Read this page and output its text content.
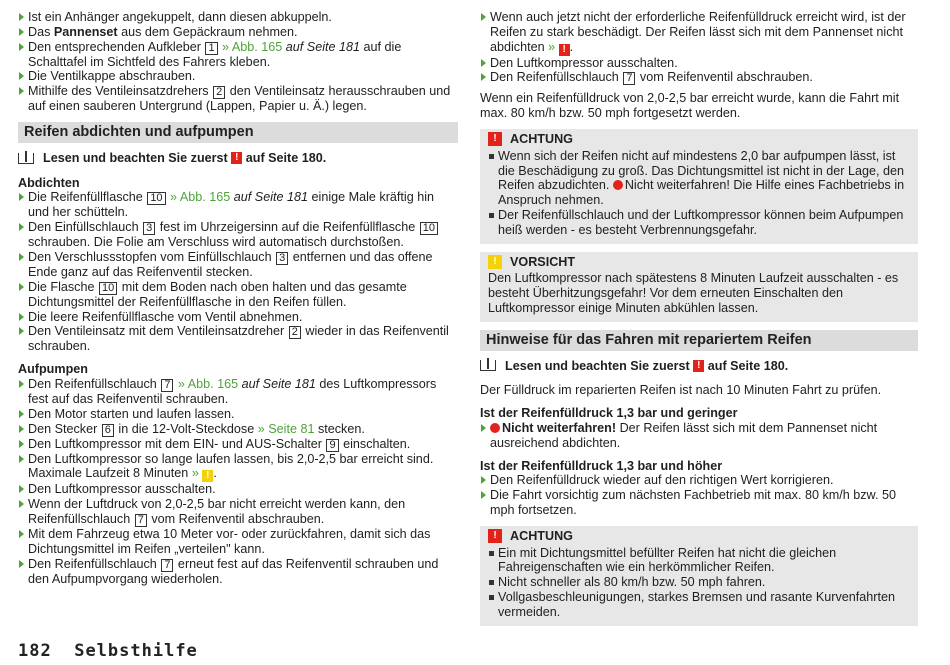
Ist ein Anhänger angekuppelt, dann diesen abkuppeln.

Das Pannenset aus dem Gepäckraum nehmen.

Den entsprechenden Aufkleber 1 » Abb. 165 auf Seite 181 auf die Schalttafel im Sichtfeld des Fahrers kleben.

Die Ventilkappe abschrauben.

Mithilfe des Ventileinsatzdrehers 2 den Ventileinsatz herausschrauben und auf einen sauberen Untergrund (Lappen, Papier u. Ä.) legen.

Reifen abdichten und aufpumpen
Lesen und beachten Sie zuerst
!
auf Seite 180.
Abdichten

Die Reifenfüllflasche 10 » Abb. 165 auf Seite 181 einige Male kräftig hin und her schütteln.

Den Einfüllschlauch 3 fest im Uhrzeigersinn auf die Reifenfüllflasche 10 schrauben. Die Folie am Verschluss wird automatisch durchstoßen.

Den Verschlussstopfen vom Einfüllschlauch 3 entfernen und das offene Ende ganz auf das Reifenventil stecken.

Die Flasche 10 mit dem Boden nach oben halten und das gesamte Dichtungsmittel der Reifenfüllflasche in den Reifen füllen.

Die leere Reifenfüllflasche vom Ventil abnehmen.

Den Ventileinsatz mit dem Ventileinsatzdreher 2 wieder in das Reifenventil schrauben.

Aufpumpen

Den Reifenfüllschlauch 7 » Abb. 165 auf Seite 181 des Luftkompressors fest auf das Reifenventil schrauben.

Den Motor starten und laufen lassen.

Den Stecker 6 in die 12-Volt-Steckdose » Seite 81 stecken.

Den Luftkompressor mit dem EIN- und AUS-Schalter 9 einschalten.

Den Luftkompressor so lange laufen lassen, bis 2,0-2,5 bar erreicht sind. Maximale Laufzeit 8 Minuten » ! .

Den Luftkompressor ausschalten.

Wenn der Luftdruck von 2,0-2,5 bar nicht erreicht werden kann, den Reifenfüllschlauch 7 vom Reifenventil abschrauben.

Mit dem Fahrzeug etwa 10 Meter vor- oder zurückfahren, damit sich das Dichtungsmittel im Reifen „verteilen" kann.

Den Reifenfüllschlauch 7 erneut fest auf das Reifenventil schrauben und den Aufpumpvorgang wiederholen.

Wenn auch jetzt nicht der erforderliche Reifenfülldruck erreicht wird, ist der Reifen zu stark beschädigt. Der Reifen lässt sich mit dem Pannenset nicht abdichten » ! .

Den Luftkompressor ausschalten.

Den Reifenfüllschlauch 7 vom Reifenventil abschrauben.

Wenn ein Reifenfülldruck von 2,0-2,5 bar erreicht wurde, kann die Fahrt mit max. 80 km/h bzw. 50 mph fortgesetzt werden.

!	ACHTUNG

Wenn sich der Reifen nicht auf mindestens 2,0 bar aufpumpen lässt, ist die Beschädigung zu groß. Das Dichtungsmittel ist nicht in der Lage, den Reifen abzudichten. Nicht weiterfahren! Die Hilfe eines Fachbetriebs in Anspruch nehmen.

Der Reifenfüllschlauch und der Luftkompressor können beim Aufpumpen heiß werden - es besteht Verbrennungsgefahr.

!	VORSICHT

Den Luftkompressor nach spätestens 8 Minuten Laufzeit ausschalten - es besteht Überhitzungsgefahr! Vor dem erneuten Einschalten den Luftkompressor einige Minuten abkühlen lassen.

Hinweise für das Fahren mit repariertem Reifen
Lesen und beachten Sie zuerst
!
auf Seite 180.

Der Fülldruck im reparierten Reifen ist nach 10 Minuten Fahrt zu prüfen.

Ist der Reifenfülldruck 1,3 bar und geringer

Nicht weiterfahren! Der Reifen lässt sich mit dem Pannenset nicht ausreichend abdichten.

Ist der Reifenfülldruck 1,3 bar und höher

Den Reifenfülldruck wieder auf den richtigen Wert korrigieren.

Die Fahrt vorsichtig zum nächsten Fachbetrieb mit max. 80 km/h bzw. 50 mph fortsetzen.

!	ACHTUNG

Ein mit Dichtungsmittel befüllter Reifen hat nicht die gleichen Fahreigenschaften wie ein herkömmlicher Reifen.

Nicht schneller als 80 km/h bzw. 50 mph fahren.

Vollgasbeschleunigungen, starkes Bremsen und rasante Kurvenfahrten vermeiden.

182 Selbsthilfe
